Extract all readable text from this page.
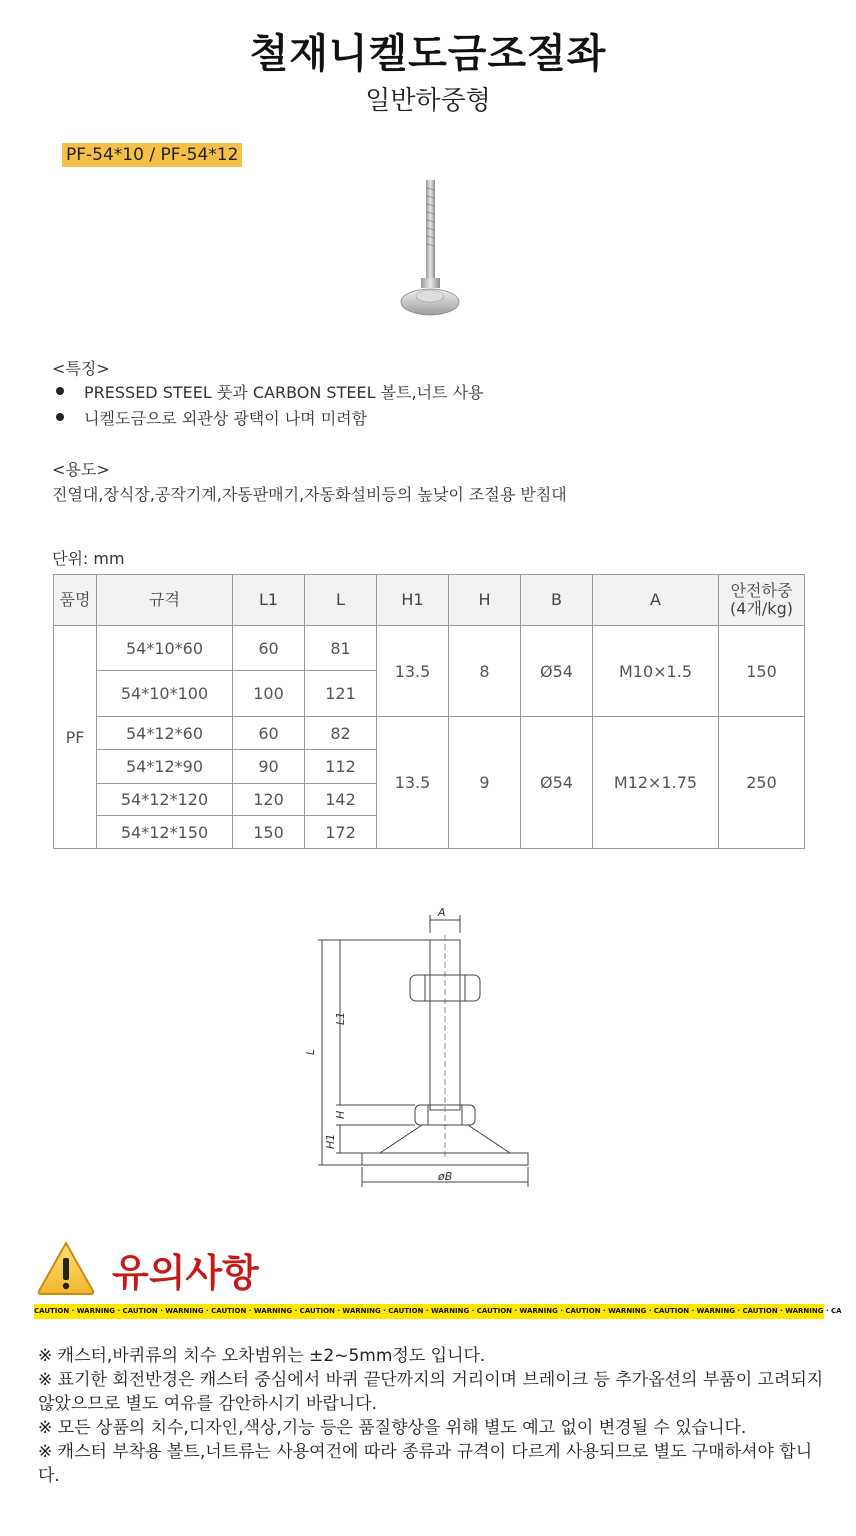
철재니켈도금조절좌
일반하중형
PF-54*10 / PF-54*12
<특징>
PRESSED STEEL 풋과 CARBON STEEL 볼트,너트 사용
니켈도금으로 외관상 광택이 나며 미려함
<용도>
진열대,장식장,공작기계,자동판매기,자동화설비등의 높낮이 조절용 받침대
단위: mm
품명	규격	L1	L	H1	H	B	A	안전하중
(4개/kg)
PF	54*10*60	60	81	13.5	8	Ø54	M10×1.5	150
	54*10*100	100	121					
	54*12*60	60	82	13.5	9	Ø54	M12×1.75	250
	54*12*90	90	112					
	54*12*120	120	142					
	54*12*150	150	172					
A
L1
L
H
H1
øB
유의사항
CAUTION · WARNING · CAUTION · WARNING · CAUTION · WARNING · CAUTION · WARNING · CAUTION · WARNING · CAUTION · WARNING · CAUTION · WARNING · CAUTION · WARNING · CAUTION · WARNING · CA

※ 캐스터,바퀴류의 치수 오차범위는 ±2~5mm정도 입니다.

※ 표기한 회전반경은 캐스터 중심에서 바퀴 끝단까지의 거리이며 브레이크 등 추가옵션의 부품이 고려되지 않았으므로 별도 여유를 감안하시기 바랍니다.

※ 모든 상품의 치수,디자인,색상,기능 등은 품질향상을 위해 별도 예고 없이 변경될 수 있습니다.

※ 캐스터 부착용 볼트,너트류는 사용여건에 따라 종류과 규격이 다르게 사용되므로 별도 구매하셔야 합니다.
